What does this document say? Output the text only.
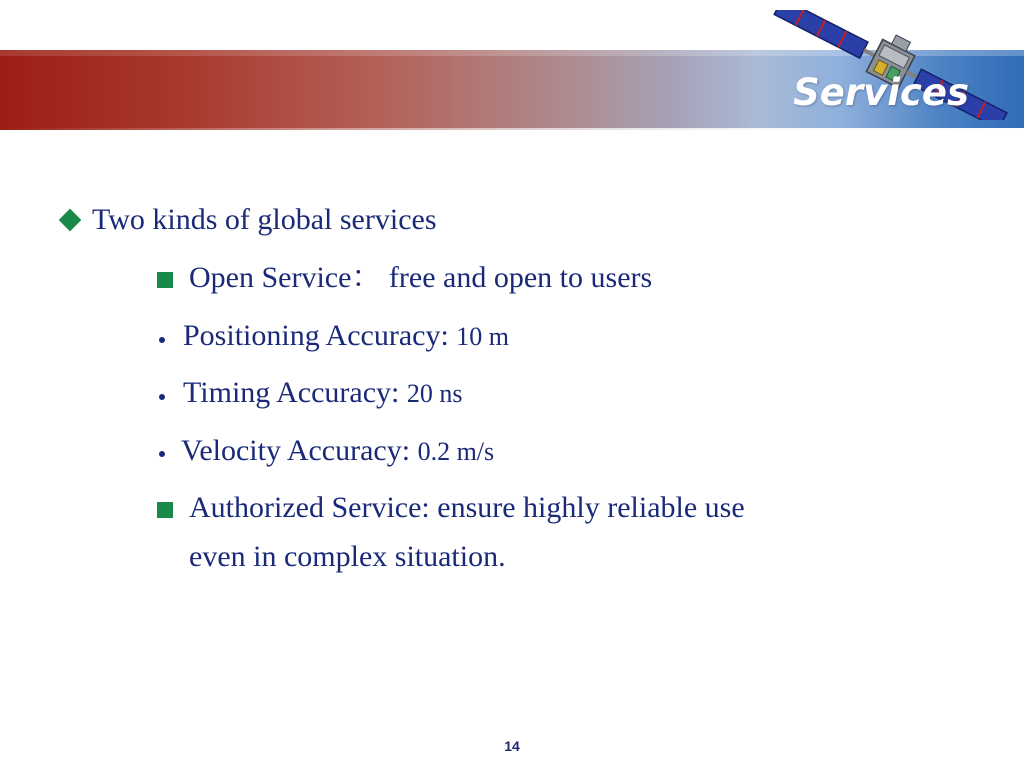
Services
Two kinds of global services
Open Service： free and open to users
Positioning Accuracy: 10 m
Timing Accuracy: 20 ns
Velocity Accuracy: 0.2 m/s
Authorized Service: ensure highly reliable use
even in complex situation.
14
